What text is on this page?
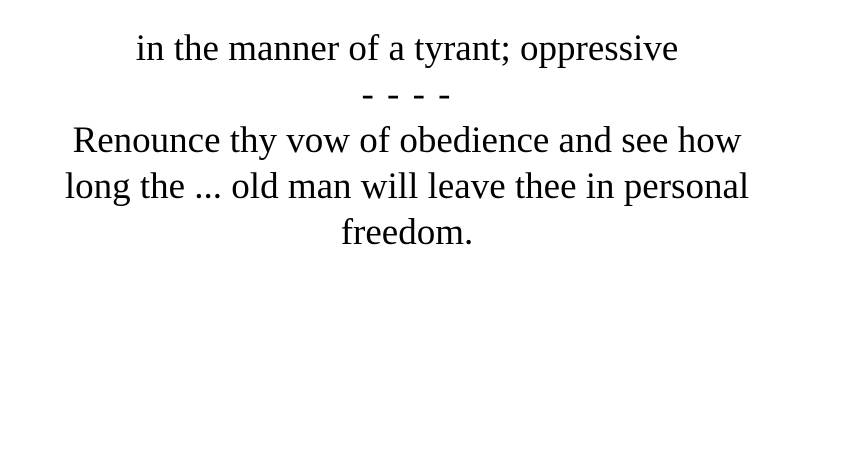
in the manner of a tyrant; oppressive

- - - -

Renounce thy vow of obedience and see how long the ... old man will leave thee in personal freedom.
